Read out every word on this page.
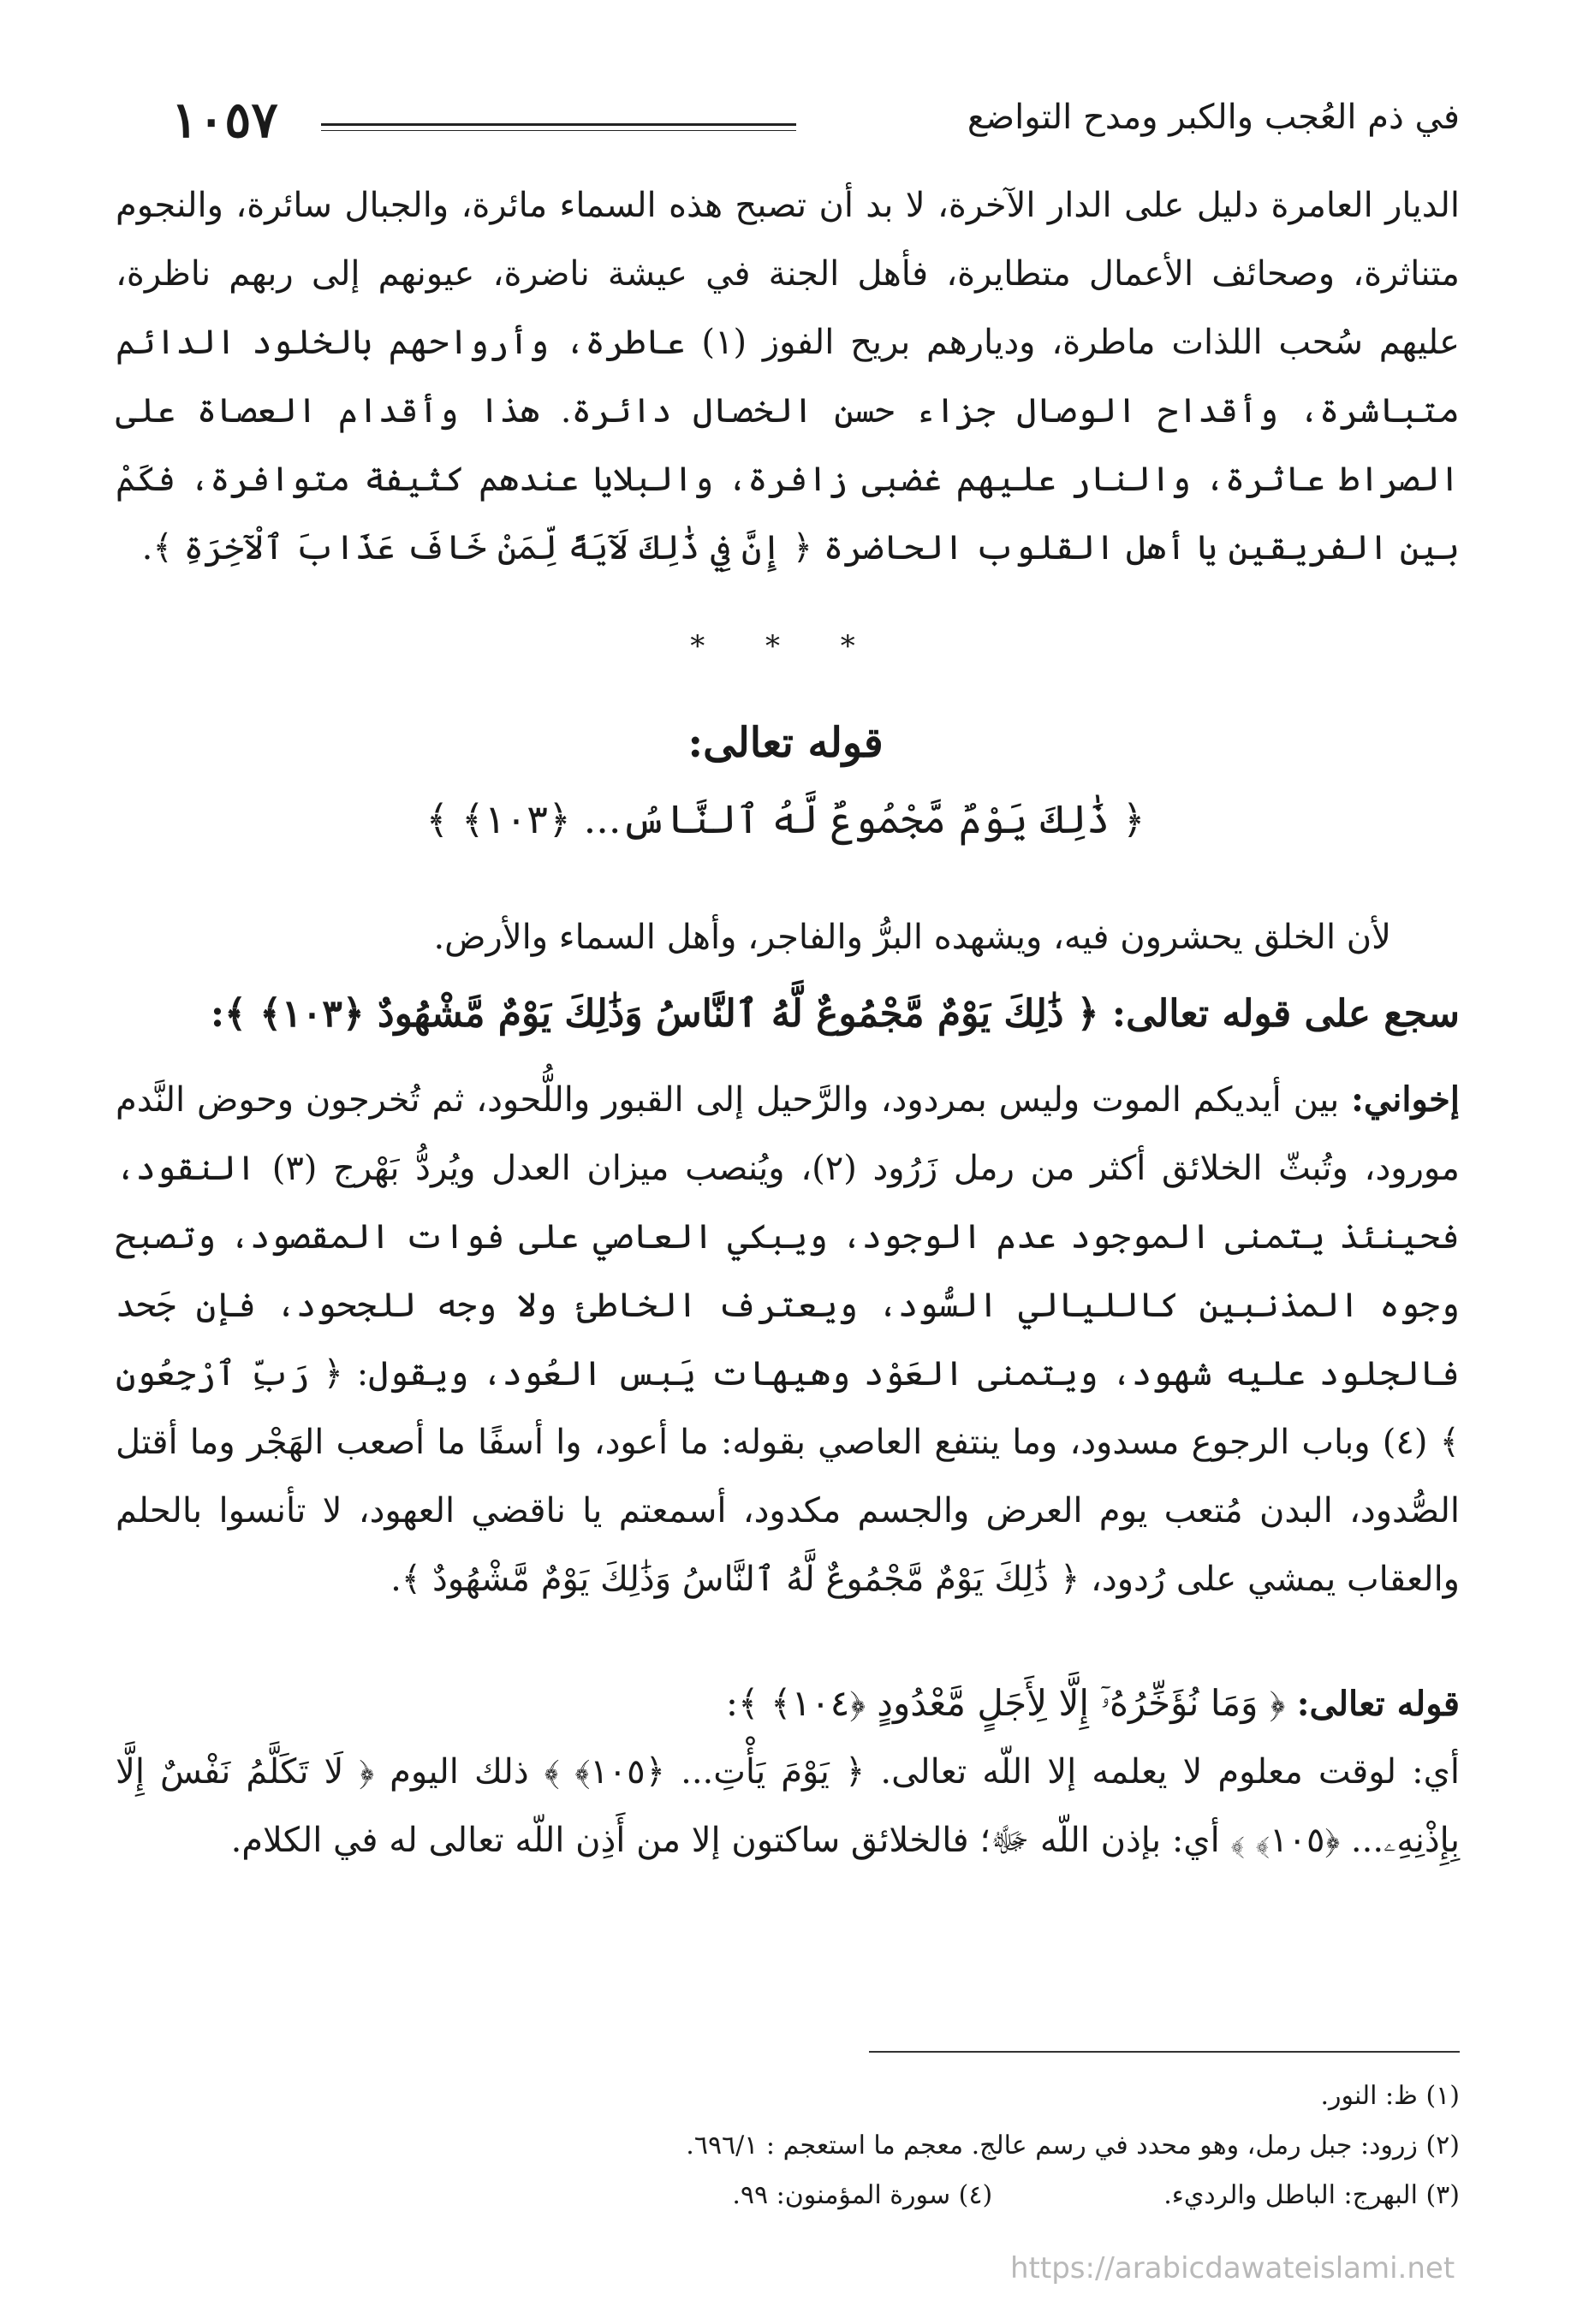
في ذم العُجب والكبر ومدح التواضع
١٠٥٧
الديار العامرة دليل على الدار الآخرة، لا بد أن تصبح هذه السماء مائرة، والجبال سائرة، والنجوم متناثرة، وصحائف الأعمال متطايرة، فأهل الجنة في عيشة ناضرة، عيونهم إلى ربهم ناظرة، عليهم سُحب اللذات ماطرة، وديارهم بريح الفوز (١) عاطرة، وأرواحهم بالخلود الدائم متباشرة، وأقداح الوصال جزاء حسن الخصال دائرة. هذا وأقدام العصاة على الصراط عاثرة، والنار عليهم غضبى زافرة، والبلايا عندهم كثيفة متوافرة، فكَمْ بين الفريقين يا أهل القلوب الحاضرة ﴿ إِنَّ فِي ذَٰلِكَ لَآيَةً لِّمَنْ خَافَ عَذَابَ ٱلْآخِرَةِ ﴾.
* * *
قوله تعالى:
﴿ ذَٰلِكَ يَوْمٌ مَّجْمُوعٌ لَّهُ ٱلنَّاسُ... ﴿١٠٣﴾ ﴾
لأن الخلق يحشرون فيه، ويشهده البرُّ والفاجر، وأهل السماء والأرض.
سجع على قوله تعالى: ﴿ ذَٰلِكَ يَوْمٌ مَّجْمُوعٌ لَّهُ ٱلنَّاسُ وَذَٰلِكَ يَوْمٌ مَّشْهُودٌ ﴿١٠٣﴾ ﴾:
إخواني: بين أيديكم الموت وليس بمردود، والرَّحيل إلى القبور واللُّحود، ثم تُخرجون وحوض النَّدم مورود، وتُبثّ الخلائق أكثر من رمل زَرُود (٢)، ويُنصب ميزان العدل ويُردُّ بَهْرج (٣) النقود، فحينئذ يتمنى الموجود عدم الوجود، ويبكي العاصي على فوات المقصود، وتصبح وجوه المذنبين كالليالي السُّود، ويعترف الخاطئ ولا وجه للجحود، فإن جَحد فالجلود عليه شهود، ويتمنى العَوْد وهيهات يَبس العُود، ويقول: ﴿ رَبِّ ٱرْجِعُونِ ﴾ (٤) وباب الرجوع مسدود، وما ينتفع العاصي بقوله: ما أعود، وا أسفًا ما أصعب الهَجْر وما أقتل الصُّدود، البدن مُتعب يوم العرض والجسم مكدود، أسمعتم يا ناقضي العهود، لا تأنسوا بالحلم والعقاب يمشي على رُدود، ﴿ ذَٰلِكَ يَوْمٌ مَّجْمُوعٌ لَّهُ ٱلنَّاسُ وَذَٰلِكَ يَوْمٌ مَّشْهُودٌ ﴾.
قوله تعالى: ﴿ وَمَا نُؤَخِّرُهُۥٓ إِلَّا لِأَجَلٍ مَّعْدُودٍ ﴿١٠٤﴾ ﴾:
أي: لوقت معلوم لا يعلمه إلا اللّه تعالى. ﴿ يَوْمَ يَأْتِ... ﴿١٠٥﴾ ﴾ ذلك اليوم ﴿ لَا تَكَلَّمُ نَفْسٌ إِلَّا بِإِذْنِهِۦ... ﴿١٠٥﴾ ﴾ أي: بإذن اللّه ﷻ؛ فالخلائق ساكتون إلا من أَذِن اللّه تعالى له في الكلام.
(١) ظ: النور.
(٢) زرود: جبل رمل، وهو محدد في رسم عالج. معجم ما استعجم : ٦٩٦/١.
(٣) البهرج: الباطل والرديء.(٤) سورة المؤمنون: ٩٩.
https://arabicdawateislami.net
